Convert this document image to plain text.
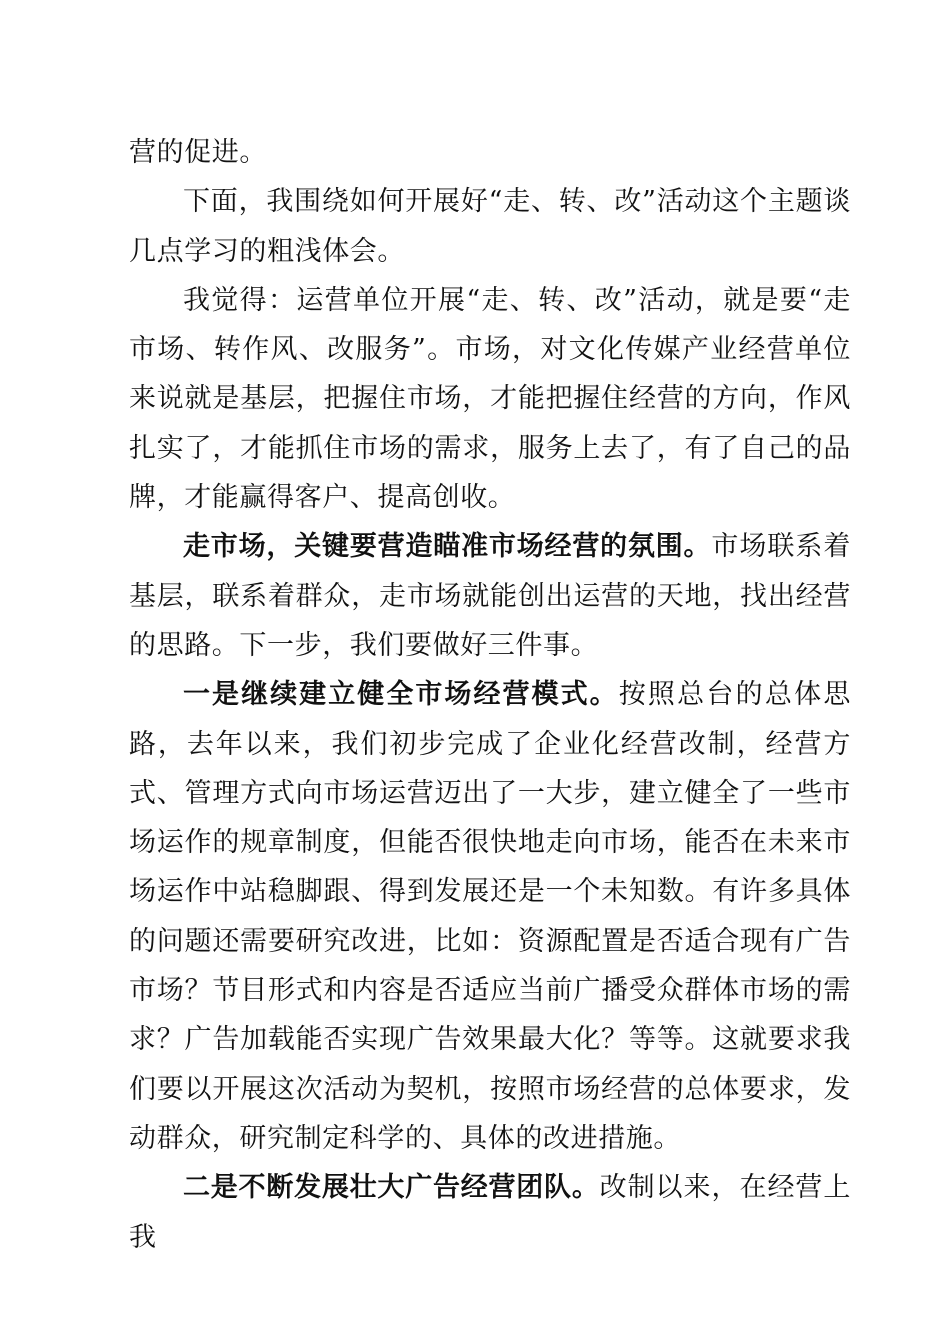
营的促进。

下面，我围绕如何开展好“走、转、改”活动这个主题谈几点学习的粗浅体会。

我觉得：运营单位开展“走、转、改”活动，就是要“走市场、转作风、改服务”。市场，对文化传媒产业经营单位来说就是基层，把握住市场，才能把握住经营的方向，作风扎实了，才能抓住市场的需求，服务上去了，有了自己的品牌，才能赢得客户、提高创收。

走市场，关键要营造瞄准市场经营的氛围。市场联系着基层，联系着群众，走市场就能创出运营的天地，找出经营的思路。下一步，我们要做好三件事。

一是继续建立健全市场经营模式。按照总台的总体思路，去年以来，我们初步完成了企业化经营改制，经营方式、管理方式向市场运营迈出了一大步，建立健全了一些市场运作的规章制度，但能否很快地走向市场，能否在未来市场运作中站稳脚跟、得到发展还是一个未知数。有许多具体的问题还需要研究改进，比如：资源配置是否适合现有广告市场？节目形式和内容是否适应当前广播受众群体市场的需求？广告加载能否实现广告效果最大化？等等。这就要求我们要以开展这次活动为契机，按照市场经营的总体要求，发动群众，研究制定科学的、具体的改进措施。

二是不断发展壮大广告经营团队。改制以来，在经营上我
